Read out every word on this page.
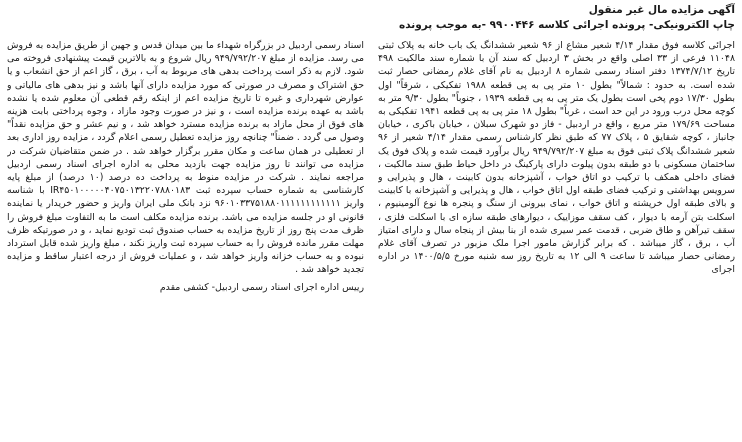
آگهی مزایده مال غیر منقول
چاپ الکترونیکی- پرونده اجرائی کلاسه ۹۹۰۰۴۴۶ -به موجب پرونده

اجرائی کلاسه فوق مقدار ۴/۱۴ شعیر مشاع از ۹۶ شعیر ششدانگ یک باب خانه به پلاک ثبتی ۱۱۰۴۸ فرعی از ۳۳ اصلی واقع در بخش ۳ اردبیل که سند آن با شماره سند مالکیت ۴۹۸ تاریخ ۱۳۷۴/۷/۱۲ دفتر اسناد رسمی شماره ۸ اردبیل به نام آقای غلام رمضانی حصار ثبت شده است. به حدود : شمالاً" بطول ۱۰ متر پی به پی قطعه ۱۹۸۸ تفکیکی ، شرقاً" اول بطول ۱۷/۳۰ دوم پخی است بطول یک متر پی به پی قطعه ۱۹۳۹ ، جنوباً" بطول ۹/۳۰ متر به کوچه محل درب ورود در این حد است ، غرباً" بطول ۱۸ متر پی به پی قطعه ۱۹۴۱ تفکیکی به مساحت ۱۷۹/۶۹ متر مربع ، واقع در اردبیل - فاز دو شهرک سبلان ، خیابان باکری ، خیابان جانباز ، کوچه شقایق ۵ ، پلاک ۷۷ که طبق نظر کارشناس رسمی مقدار ۴/۱۴ شعیر از ۹۶ شعیر ششدانگ پلاک ثبتی فوق به مبلغ ۹۴۹/۷۹۲/۲۰۷ ریال برآورد قیمت شده و پلاک فوق یک ساختمان مسکونی با دو طبقه بدون پیلوت دارای پارکینگ در داخل حیاط طبق سند مالکیت ، فضای داخلی همکف با ترکیب دو اتاق خواب ، آشپزخانه بدون کابینت ، هال و پذیرایی و سرویس بهداشتی و ترکیب فضای طبقه اول اتاق خواب ، هال و پذیرایی و آشپزخانه با کابینت و بالای طبقه اول خرپشته و اتاق خواب ، نمای بیرونی از سنگ و پنجره ها نوع آلومینیوم ، اسکلت بتن آرمه با دیوار ، کف سقف موزاییک ، دیوارهای طبقه سازه ای با اسکلت فلزی ، سقف تیرآهن و طاق ضربی ، قدمت عمر سیری شده از بنا بیش از پنجاه سال و دارای امتیاز آب ، برق ، گاز میباشد . که برابر گزارش مامور اجرا ملک مزبور در تصرف آقای غلام رمضانی حصار میباشد تا ساعت ۹ الی ۱۲ به تاریخ روز سه شنبه مورخ ۱۴۰۰/۵/۵ در اداره اجرای

اسناد رسمی اردبیل در بزرگراه شهداء ما بین میدان قدس و جهین از طریق مزایده به فروش می رسد. مزایده از مبلغ ۹۴۹/۷۹۲/۲۰۷ ریال شروع و به بالاترین قیمت پیشنهادی فروخته می شود. لازم به ذکر است پرداخت بدهی های مربوط به آب ، برق ، گاز اعم از حق انشعاب و یا حق اشتراک و مصرف در صورتی که مورد مزایده دارای آنها باشد و نیز بدهی های مالیاتی و عوارض شهرداری و غیره تا تاریخ مزایده اعم از اینکه رقم قطعی آن معلوم شده یا نشده باشد به عهده برنده مزایده است ، و نیز در صورت وجود مازاد ، وجوه پرداختی بابت هزینه های فوق از محل مازاد به برنده مزایده مسترد خواهد شد ، و نیم عشر و حق مزایده نقداً" وصول می گردد . ضمناً" چنانچه روز مزایده تعطیل رسمی اعلام گردد ، مزایده روز اداری بعد از تعطیلی در همان ساعت و مکان مقرر برگزار خواهد شد . در ضمن متقاضیان شرکت در مزایده می توانند تا روز مزایده جهت بازدید محلی به اداره اجرای اسناد رسمی اردبیل مراجعه نمایند . شرکت در مزایده منوط به پرداخت ده درصد (۱۰ درصد) از مبلغ پایه کارشناسی به شماره حساب سپرده ثبت IR۴۵۰۱۰۰۰۰۰۴۰۷۵۰۱۳۲۲۰۷۸۸۰۱۸۳ با شناسه واریز ۹۶۰۱۰۳۳۷۵۱۸۸۰۱۱۱۱۱۱۱۱۱۱۱۱ نزد بانک ملی ایران واریز و حضور خریدار یا نماینده قانونی او در جلسه مزایده می باشد. برنده مزایده مکلف است ما به التفاوت مبلغ فروش را ظرف مدت پنج روز از تاریخ مزایده به حساب صندوق ثبت تودیع نماید ، و در صورتیکه ظرف مهلت مقرر مانده فروش را به حساب سپرده ثبت واریز نکند ، مبلغ واریز شده قابل استرداد نبوده و به حساب خزانه واریز خواهد شد ، و عملیات فروش از درجه اعتبار ساقط و مزایده تجدید خواهد شد .

رییس اداره اجرای اسناد رسمی اردبیل- کشفی مقدم
